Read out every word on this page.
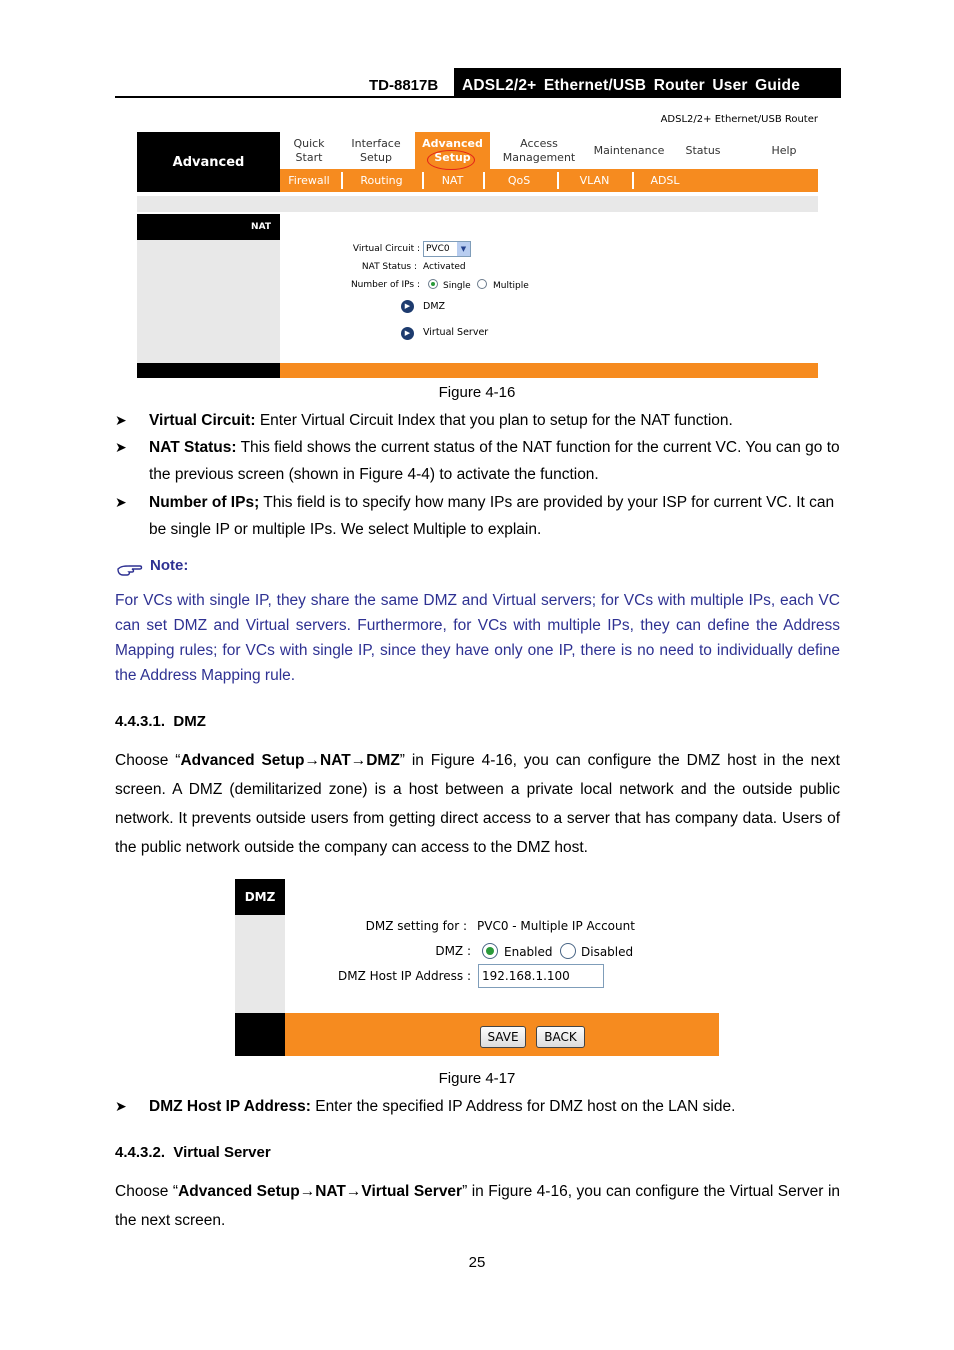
TD-8817B	ADSL2/2+ Ethernet/USB Router User Guide
ADSL2/2+ Ethernet/USB Router
Advanced
Quick
Start
Interface
Setup
Advanced
Setup
Access
Management
Maintenance	Status	Help
Firewall	Routing	NAT	QoS	VLAN	ADSL
NAT
Virtual Circuit : PVC0	▼
NAT Status : Activated
Number of IPs :	Single Multiple
▶	DMZ
▶	Virtual Server
Figure 4-16
➤ Virtual Circuit: Enter Virtual Circuit Index that you plan to setup for the NAT function.
➤ NAT Status: This field shows the current status of the NAT function for the current VC. You can go to the previous screen (shown in Figure 4-4) to activate the function.
➤ Number of IPs; This field is to specify how many IPs are provided by your ISP for current VC. It can be single IP or multiple IPs. We select Multiple to explain.
Note:
For VCs with single IP, they share the same DMZ and Virtual servers; for VCs with multiple IPs, each VC can set DMZ and Virtual servers. Furthermore, for VCs with multiple IPs, they can define the Address Mapping rules; for VCs with single IP, since they have only one IP, there is no need to individually define the Address Mapping rule.
4.4.3.1.  DMZ
Choose “Advanced Setup→NAT→DMZ” in Figure 4-16, you can configure the DMZ host in the next screen. A DMZ (demilitarized zone) is a host between a private local network and the outside public network. It prevents outside users from getting direct access to a server that has company data. Users of the public network outside the company can access to the DMZ host.
DMZ
DMZ setting for : PVC0 - Multiple IP Account
DMZ :	Enabled Disabled
DMZ Host IP Address : 192.168.1.100
SAVE	BACK
Figure 4-17
➤ DMZ Host IP Address: Enter the specified IP Address for DMZ host on the LAN side.
4.4.3.2.  Virtual Server
Choose “Advanced Setup→NAT→Virtual Server” in Figure 4-16, you can configure the Virtual Server in the next screen.
25
